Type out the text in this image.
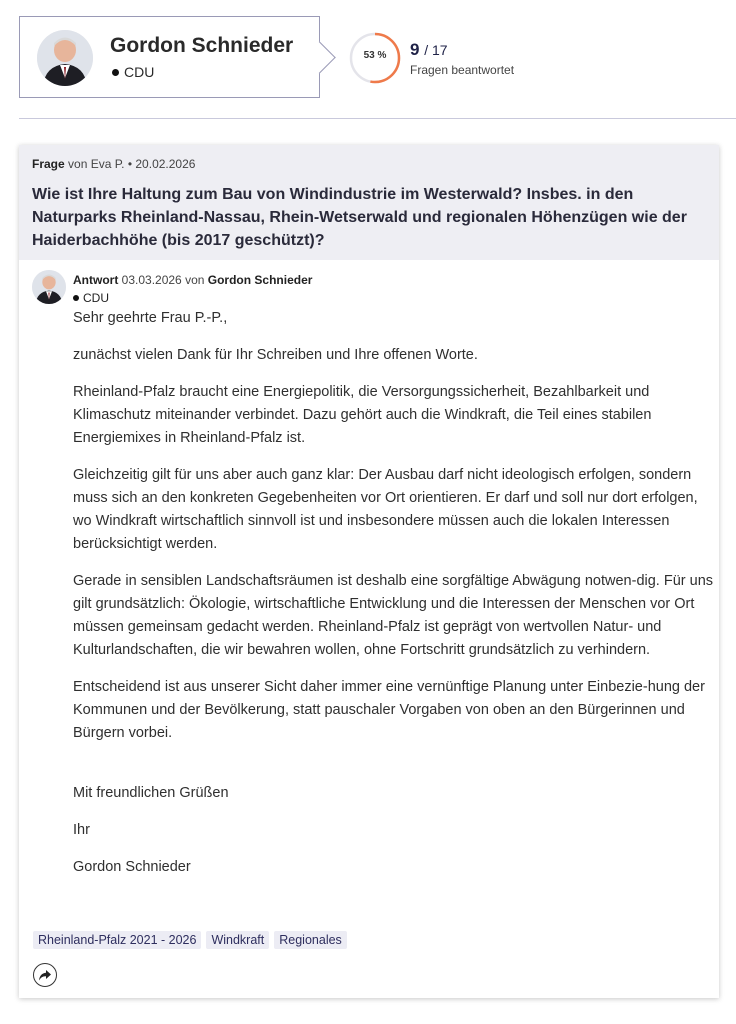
Gordon Schnieder
CDU
53 %	9 / 17
Fragen beantwortet
Frage von Eva P. • 20.02.2026
Wie ist Ihre Haltung zum Bau von Windindustrie im Westerwald? Insbes. in den Naturparks Rheinland-Nassau, Rhein-Wetserwald und regionalen Höhenzügen wie der Haiderbachhöhe (bis 2017 geschützt)?
Antwort 03.03.2026 von Gordon Schnieder
CDU

Sehr geehrte Frau P.-P.,

zunächst vielen Dank für Ihr Schreiben und Ihre offenen Worte.

Rheinland-Pfalz braucht eine Energiepolitik, die Versorgungssicherheit, Bezahlbarkeit und Klimaschutz miteinander verbindet. Dazu gehört auch die Windkraft, die Teil eines stabilen Energiemixes in Rheinland-Pfalz ist.

Gleichzeitig gilt für uns aber auch ganz klar: Der Ausbau darf nicht ideologisch erfolgen, sondern muss sich an den konkreten Gegebenheiten vor Ort orientieren. Er darf und soll nur dort erfolgen, wo Windkraft wirtschaftlich sinnvoll ist und insbesondere müssen auch die lokalen Interessen berücksichtigt werden.

Gerade in sensiblen Landschaftsräumen ist deshalb eine sorgfältige Abwägung notwen-dig. Für uns gilt grundsätzlich: Ökologie, wirtschaftliche Entwicklung und die Interessen der Menschen vor Ort müssen gemeinsam gedacht werden. Rheinland-Pfalz ist geprägt von wertvollen Natur- und Kulturlandschaften, die wir bewahren wollen, ohne Fortschritt grundsätzlich zu verhindern.

Entscheidend ist aus unserer Sicht daher immer eine vernünftige Planung unter Einbezie-hung der Kommunen und der Bevölkerung, statt pauschaler Vorgaben von oben an den Bürgerinnen und Bürgern vorbei.

Mit freundlichen Grüßen

Ihr

Gordon Schnieder

Rheinland-Pfalz 2021 - 2026	Windkraft	Regionales
